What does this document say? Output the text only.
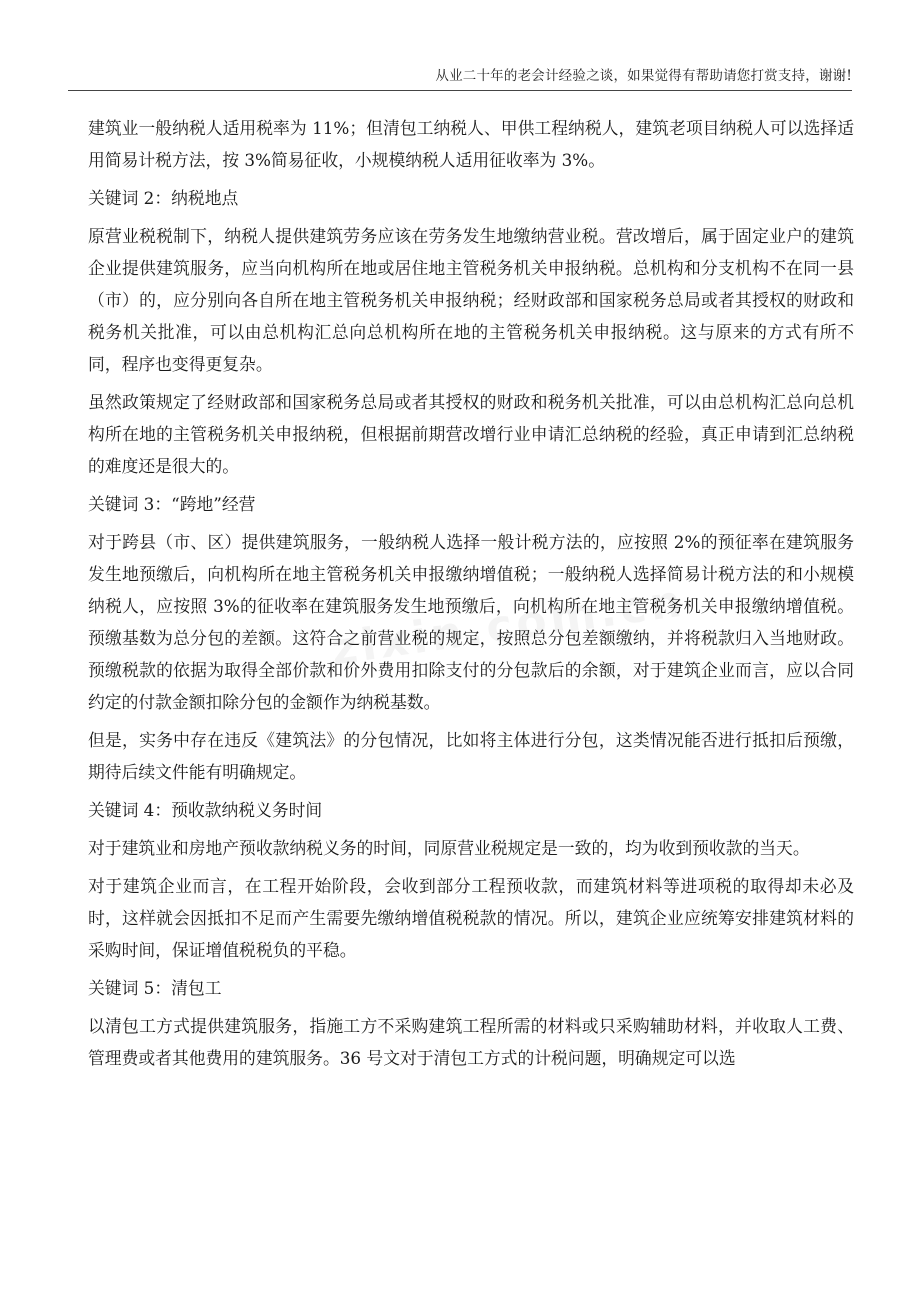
从业二十年的老会计经验之谈，如果觉得有帮助请您打赏支持，谢谢!

建筑业一般纳税人适用税率为 11%；但清包工纳税人、甲供工程纳税人，建筑老项目纳税人可以选择适用简易计税方法，按 3%简易征收，小规模纳税人适用征收率为 3%。

关键词 2：纳税地点

原营业税税制下，纳税人提供建筑劳务应该在劳务发生地缴纳营业税。营改增后，属于固定业户的建筑企业提供建筑服务，应当向机构所在地或居住地主管税务机关申报纳税。总机构和分支机构不在同一县（市）的，应分别向各自所在地主管税务机关申报纳税；经财政部和国家税务总局或者其授权的财政和税务机关批准，可以由总机构汇总向总机构所在地的主管税务机关申报纳税。这与原来的方式有所不同，程序也变得更复杂。

虽然政策规定了经财政部和国家税务总局或者其授权的财政和税务机关批准，可以由总机构汇总向总机构所在地的主管税务机关申报纳税，但根据前期营改增行业申请汇总纳税的经验，真正申请到汇总纳税的难度还是很大的。

关键词 3：“跨地”经营

对于跨县（市、区）提供建筑服务，一般纳税人选择一般计税方法的，应按照 2%的预征率在建筑服务发生地预缴后，向机构所在地主管税务机关申报缴纳增值税；一般纳税人选择简易计税方法的和小规模纳税人，应按照 3%的征收率在建筑服务发生地预缴后，向机构所在地主管税务机关申报缴纳增值税。预缴基数为总分包的差额。这符合之前营业税的规定，按照总分包差额缴纳，并将税款归入当地财政。预缴税款的依据为取得全部价款和价外费用扣除支付的分包款后的余额，对于建筑企业而言，应以合同约定的付款金额扣除分包的金额作为纳税基数。

但是，实务中存在违反《建筑法》的分包情况，比如将主体进行分包，这类情况能否进行抵扣后预缴，期待后续文件能有明确规定。

关键词 4：预收款纳税义务时间

对于建筑业和房地产预收款纳税义务的时间，同原营业税规定是一致的，均为收到预收款的当天。

对于建筑企业而言，在工程开始阶段，会收到部分工程预收款，而建筑材料等进项税的取得却未必及时，这样就会因抵扣不足而产生需要先缴纳增值税税款的情况。所以，建筑企业应统筹安排建筑材料的采购时间，保证增值税税负的平稳。

关键词 5：清包工

以清包工方式提供建筑服务，指施工方不采购建筑工程所需的材料或只采购辅助材料，并收取人工费、管理费或者其他费用的建筑服务。36 号文对于清包工方式的计税问题，明确规定可以选
